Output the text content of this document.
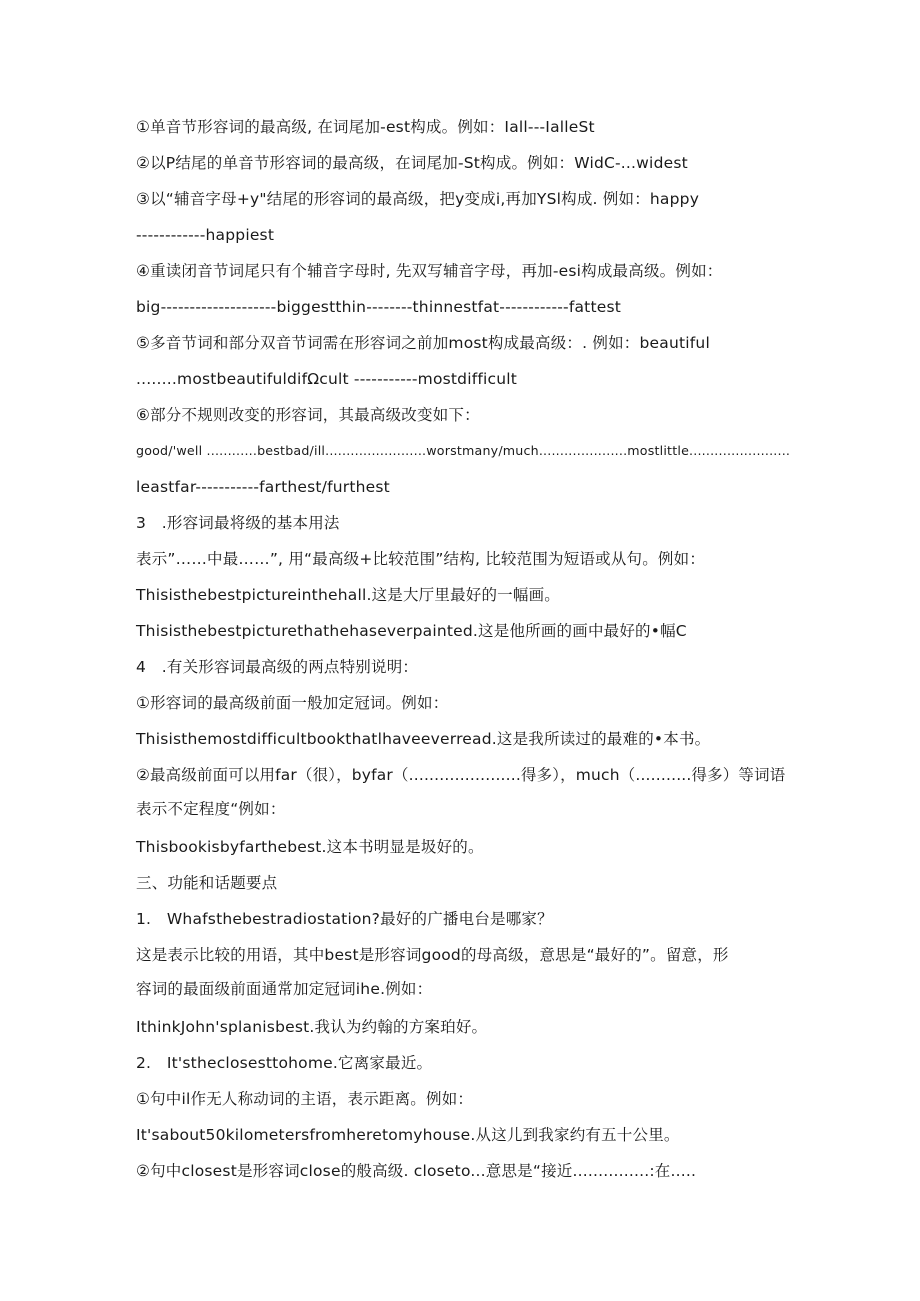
①单音节形容词的最高级, 在词尾加-est构成。例如：Iall---IalleSt
②以P结尾的单音节形容词的最高级，在词尾加-St构成。例如：WidC-...widest
③以“辅音字母+y"结尾的形容词的最高级，把y变成i,再加YSl构成. 例如：happy
------------happiest
④重读闭音节词尾只有个辅音字母时, 先双写辅音字母，再加-esi构成最高级。例如：
big--------------------biggestthin--------thinnestfat------------fattest
⑤多音节词和部分双音节词需在形容词之前加most构成最高级：. 例如：beautiful
........mostbeautifuldifΩcult -----------mostdifficult
⑥部分不规则改变的形容词，其最高级改变如下：
good/'well ............bestbad/ill........................worstmany/much.....................mostlittle........................
leastfar-----------farthest/furthest
3　.形容词最将级的基本用法
表示”……中最……”, 用“最高级+比较范围”结构, 比较范围为短语或从句。例如：
Thisisthebestpictureinthehall.这是大厅里最好的一幅画。
Thisisthebestpicturethathehaseverpainted.这是他所画的画中最好的•幅C
4　.有关形容词最高级的两点特别说明：
①形容词的最高级前面一般加定冠词。例如：
Thisisthemostdifficultbookthatlhaveeverread.这是我所读过的最难的•本书。
②最高级前面可以用far（很），byfar（......................得多），much（...........得多）等词语
表示不定程度“例如：
Thisbookisbyfarthebest.这本书明显是圾好的。
三、功能和话题要点
1.　Whafsthebestradiostation?最好的广播电台是哪家？
这是表示比较的用语，其中best是形容词good的母高级，意思是“最好的”。留意，形
容词的最面级前面通常加定冠词ihe.例如：
IthinkJohn'splanisbest.我认为约翰的方案珀好。
2.　It'stheclosesttohome.它离家最近。
①句中il作无人称动词的主语，表示距离。例如：
It'sabout50kilometersfromheretomyhouse.从这儿到我家约有五十公里。
②句中closest是形容词close的般高级. closeto...意思是“接近...............:在.....
